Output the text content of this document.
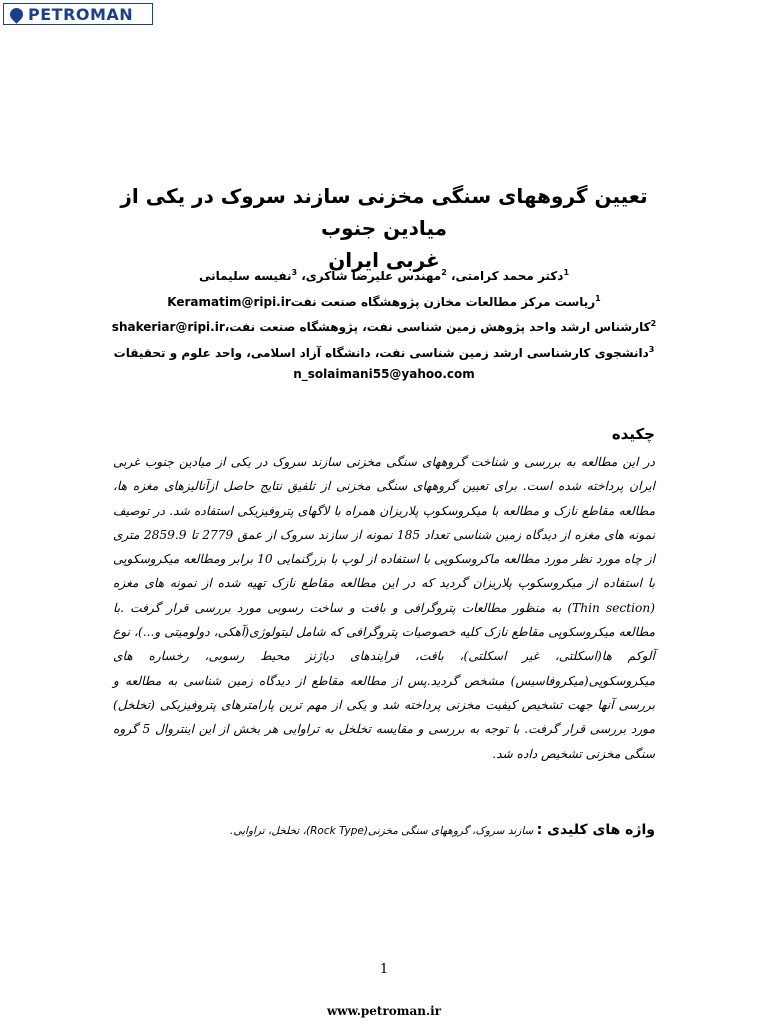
PETROMAN
تعیین گروههای سنگی مخزنی سازند سروک در یکی از میادین جنوب
غربی ایران
$^1$دکتر محمد کرامتی، $^2$مهندس علیرضا شاکری، $^3$نفیسه سلیمانی
$^1$ریاست مرکز مطالعات مخازن پژوهشگاه صنعت نفتKeramatim@ripi.ir
$^2$کارشناس ارشد واحد پژوهش زمین شناسی نفت، پژوهشگاه صنعت نفت،shakeriar@ripi.ir
$^3$دانشجوی کارشناسی ارشد زمین شناسی نفت، دانشگاه آزاد اسلامی، واحد علوم و تحقیقات
n_solaimani55@yahoo.com
چکیده
در این مطالعه به بررسی و شناخت گروههای سنگی مخزنی سازند سروک در یکی از میادین جنوب غربی ایران پرداخته شده است. برای تعیین گروههای سنگی مخزنی از تلفیق نتایج حاصل ازآنالیزهای مغزه ها، مطالعه مقاطع نازک و مطالعه با میکروسکوپ پلاریزان همراه با لاگهای پتروفیزیکی استفاده شد. در توصیف نمونه های مغزه از دیدگاه زمین شناسی تعداد 185 نمونه از سازند سروک از عمق 2779 تا 2859.9 متری از چاه مورد نظر مورد مطالعه ماکروسکوپی با استفاده از لوپ با بزرگنمایی 10 برابر ومطالعه میکروسکوپی با استفاده از میکروسکوپ پلاریزان گردید که در این مطالعه مقاطع نازک تهیه شده از نمونه های مغزه (Thin section) به منظور مطالعات پتروگرافی و بافت و ساخت رسوبی مورد بررسی قرار گرفت .با مطالعه میکروسکوپی مقاطع نازک کلیه خصوصیات پتروگرافی که شامل لیتولوژی(آهکی، دولومیتی و...)، نوع آلوکم ها(اسکلتی، غیر اسکلتی)، بافت، فرایندهای دیاژنز محیط رسوبی، رخساره های میکروسکوپی(میکروفاسیس) مشخص گردید.پس از مطالعه مقاطع از دیدگاه زمین شناسی به مطالعه و بررسی آنها جهت تشخیص کیفیت مخزنی پرداخته شد و یکی از مهم ترین پارامترهای پتروفیزیکی (تخلخل) مورد بررسی قرار گرفت. با توجه به بررسی و مقایسه تخلخل به تراوایی هر بخش از این اینتروال 5 گروه سنگی مخزنی تشخیص داده شد.
واژه های کلیدی : سازند سروک، گروههای سنگی مخزنی(Rock Type)، تخلخل، تراوایی.
1
www.petroman.ir
